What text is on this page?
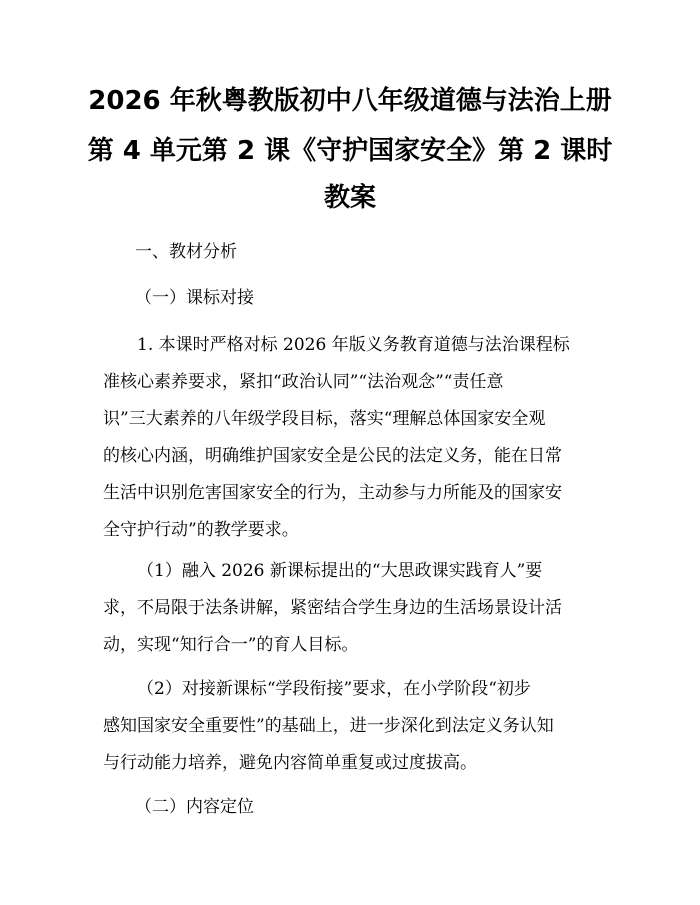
2026 年秋粤教版初中八年级道德与法治上册
第 4 单元第 2 课《守护国家安全》第 2 课时
教案
一、教材分析
（一）课标对接
1. 本课时严格对标 2026 年版义务教育道德与法治课程标
准核心素养要求，紧扣“政治认同”“法治观念”“责任意
识”三大素养的八年级学段目标，落实“理解总体国家安全观
的核心内涵，明确维护国家安全是公民的法定义务，能在日常
生活中识别危害国家安全的行为，主动参与力所能及的国家安
全守护行动”的教学要求。
（1）融入 2026 新课标提出的“大思政课实践育人”要
求，不局限于法条讲解，紧密结合学生身边的生活场景设计活
动，实现“知行合一”的育人目标。
（2）对接新课标“学段衔接”要求，在小学阶段“初步
感知国家安全重要性”的基础上，进一步深化到法定义务认知
与行动能力培养，避免内容简单重复或过度拔高。
（二）内容定位
